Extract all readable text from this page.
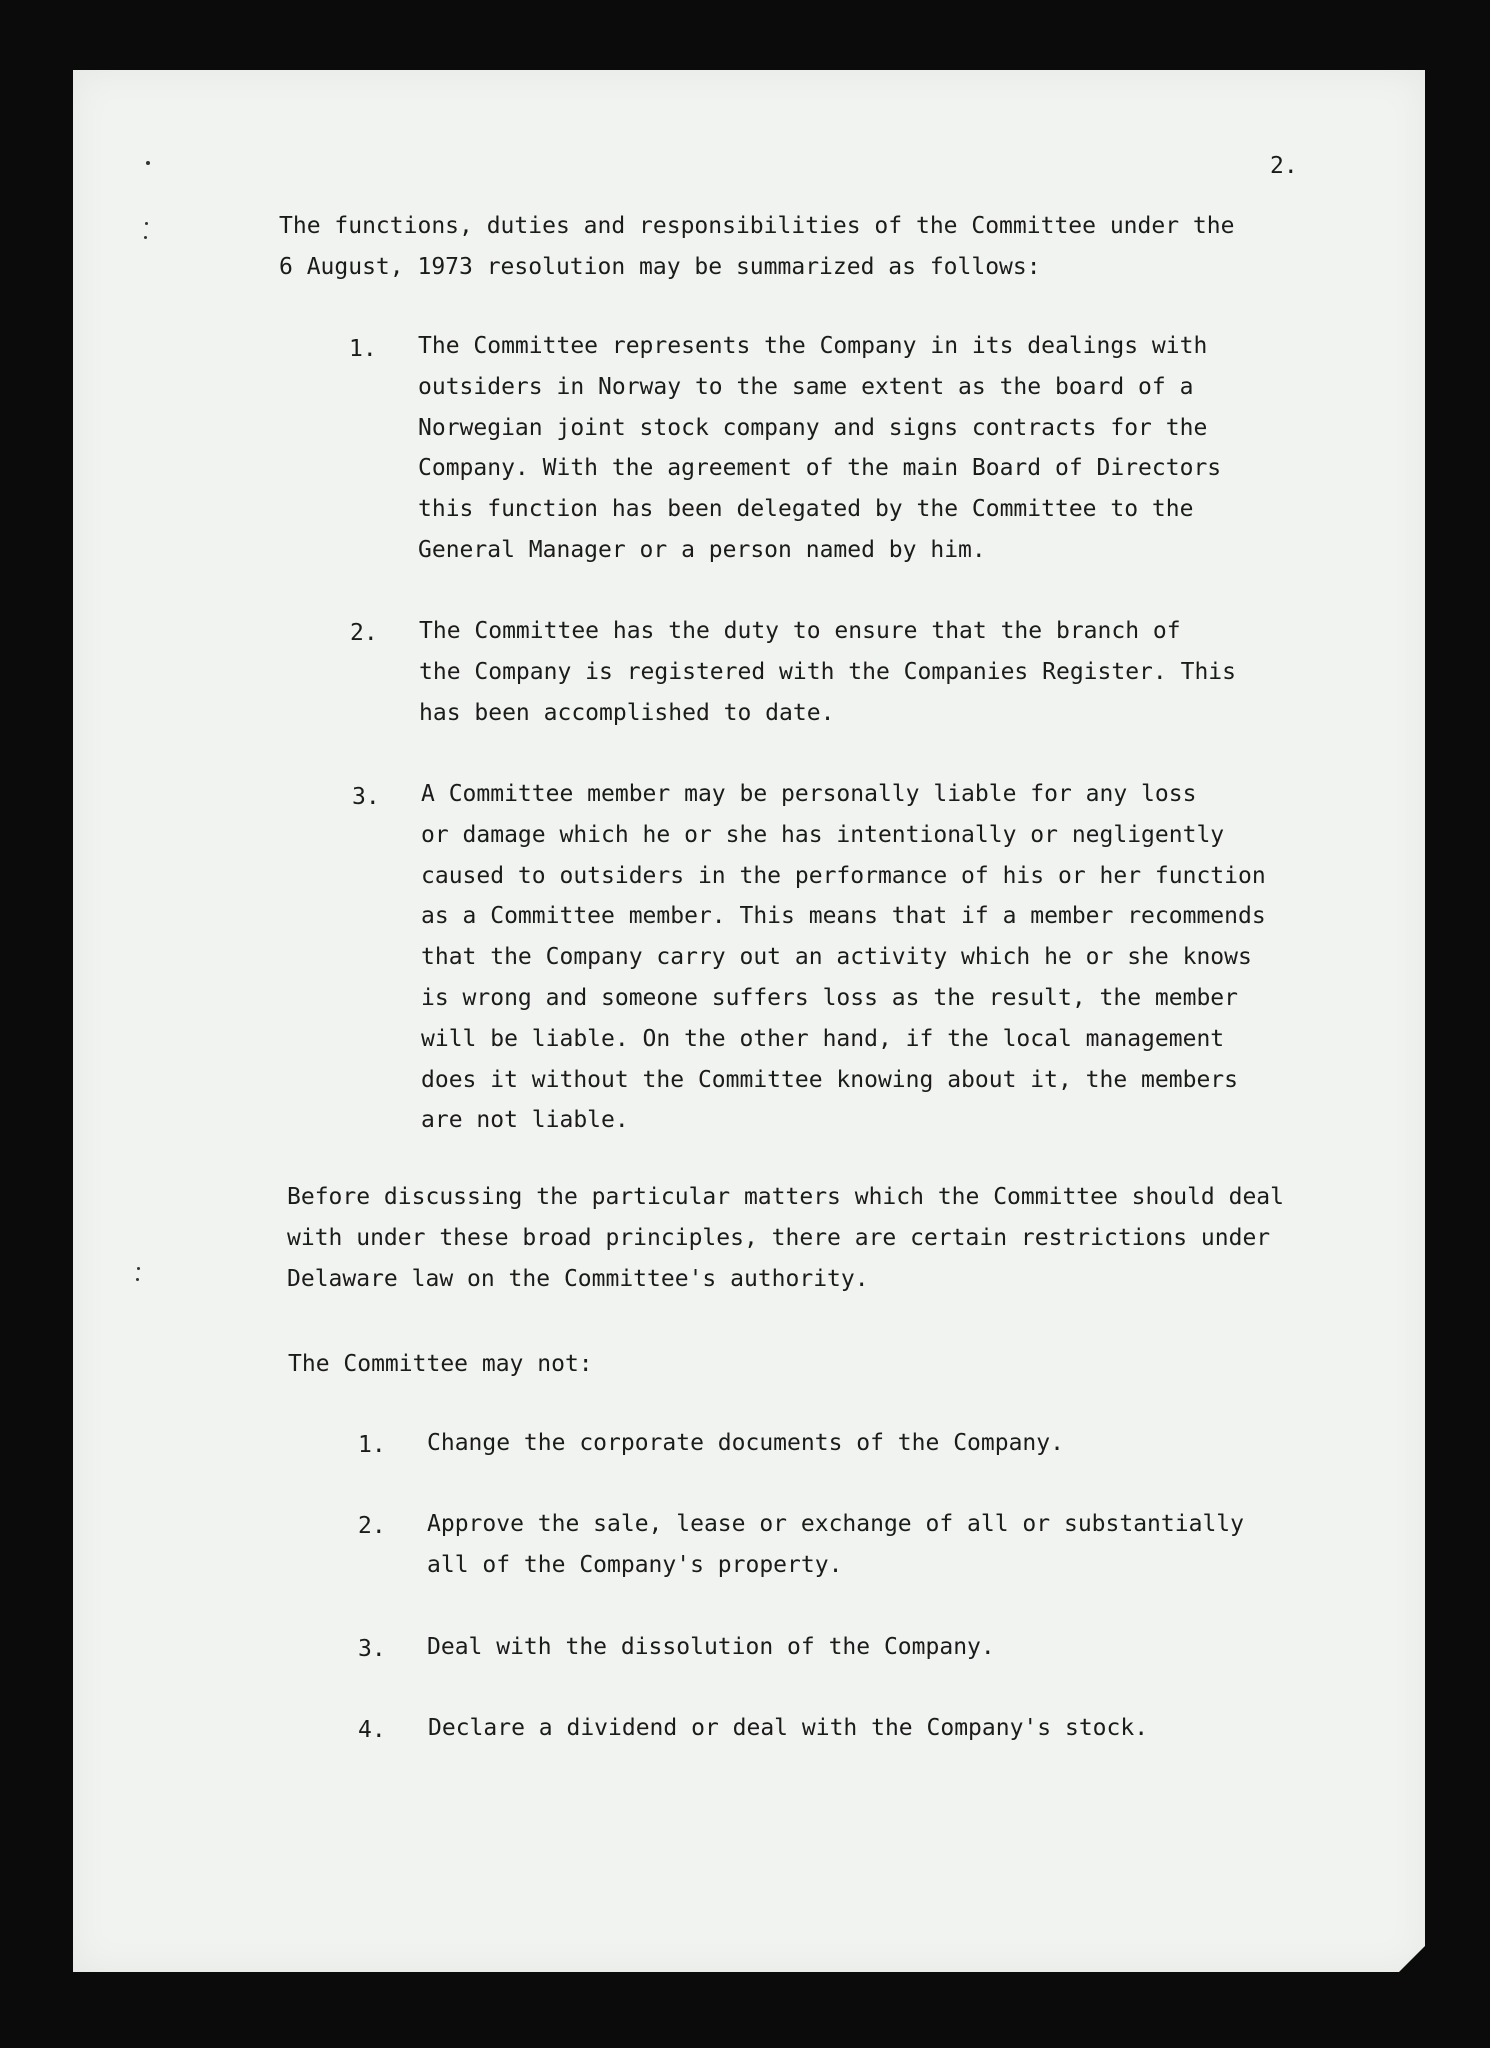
2.
The functions, duties and responsibilities of the Committee under the
6 August, 1973 resolution may be summarized as follows:
1. The Committee represents the Company in its dealings with
outsiders in Norway to the same extent as the board of a
Norwegian joint stock company and signs contracts for the
Company. With the agreement of the main Board of Directors
this function has been delegated by the Committee to the
General Manager or a person named by him.
2. The Committee has the duty to ensure that the branch of
the Company is registered with the Companies Register. This
has been accomplished to date.
3. A Committee member may be personally liable for any loss
or damage which he or she has intentionally or negligently
caused to outsiders in the performance of his or her function
as a Committee member. This means that if a member recommends
that the Company carry out an activity which he or she knows
is wrong and someone suffers loss as the result, the member
will be liable. On the other hand, if the local management
does it without the Committee knowing about it, the members
are not liable.
Before discussing the particular matters which the Committee should deal
with under these broad principles, there are certain restrictions under
Delaware law on the Committee's authority.
The Committee may not:
1. Change the corporate documents of the Company.
2. Approve the sale, lease or exchange of all or substantially
all of the Company's property.
3. Deal with the dissolution of the Company.
4. Declare a dividend or deal with the Company's stock.
